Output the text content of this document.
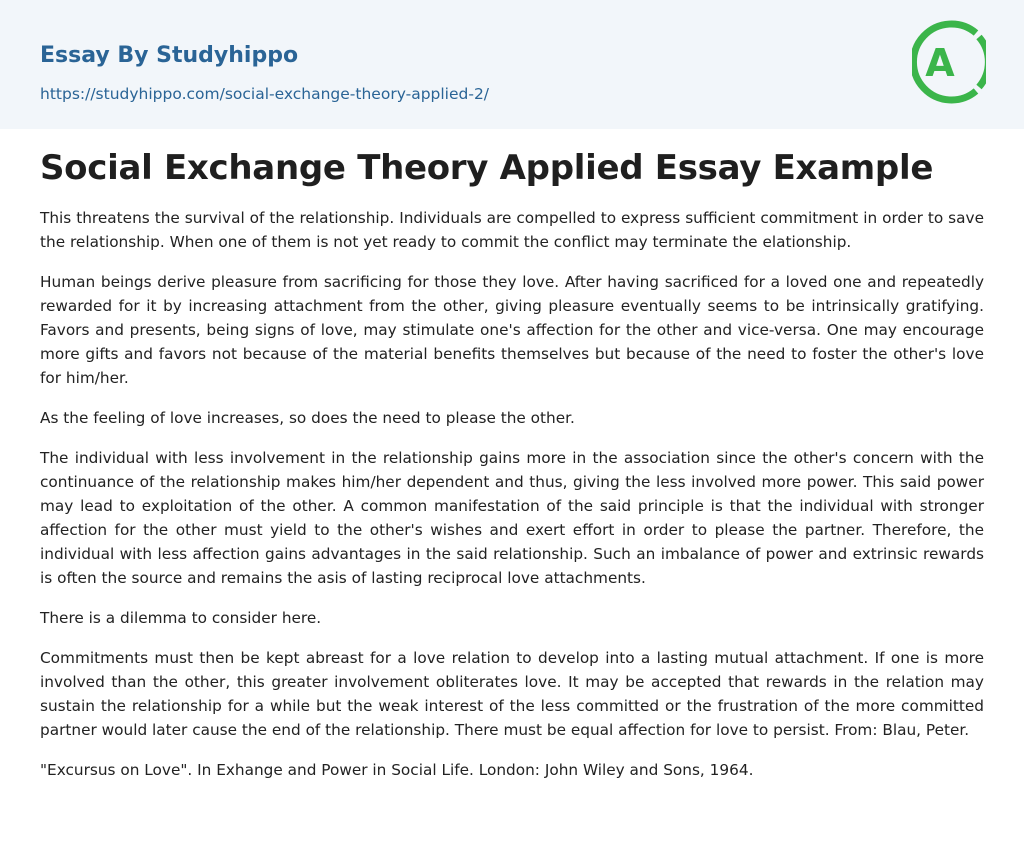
Essay By Studyhippo
https://studyhippo.com/social-exchange-theory-applied-2/
A
Social Exchange Theory Applied Essay Example

This threatens the survival of the relationship. Individuals are compelled to express sufficient commitment in order to save the relationship. When one of them is not yet ready to commit the conflict may terminate the elationship.

Human beings derive pleasure from sacrificing for those they love. After having sacrificed for a loved one and repeatedly rewarded for it by increasing attachment from the other, giving pleasure eventually seems to be intrinsically gratifying. Favors and presents, being signs of love, may stimulate one's affection for the other and vice-versa. One may encourage more gifts and favors not because of the material benefits themselves but because of the need to foster the other's love for him/her.

As the feeling of love increases, so does the need to please the other.

The individual with less involvement in the relationship gains more in the association since the other's concern with the continuance of the relationship makes him/her dependent and thus, giving the less involved more power. This said power may lead to exploitation of the other. A common manifestation of the said principle is that the individual with stronger affection for the other must yield to the other's wishes and exert effort in order to please the partner. Therefore, the individual with less affection gains advantages in the said relationship. Such an imbalance of power and extrinsic rewards is often the source and remains the asis of lasting reciprocal love attachments.

There is a dilemma to consider here.

Commitments must then be kept abreast for a love relation to develop into a lasting mutual attachment. If one is more involved than the other, this greater involvement obliterates love. It may be accepted that rewards in the relation may sustain the relationship for a while but the weak interest of the less committed or the frustration of the more committed partner would later cause the end of the relationship. There must be equal affection for love to persist. From: Blau, Peter.

"Excursus on Love". In Exhange and Power in Social Life. London: John Wiley and Sons, 1964.
